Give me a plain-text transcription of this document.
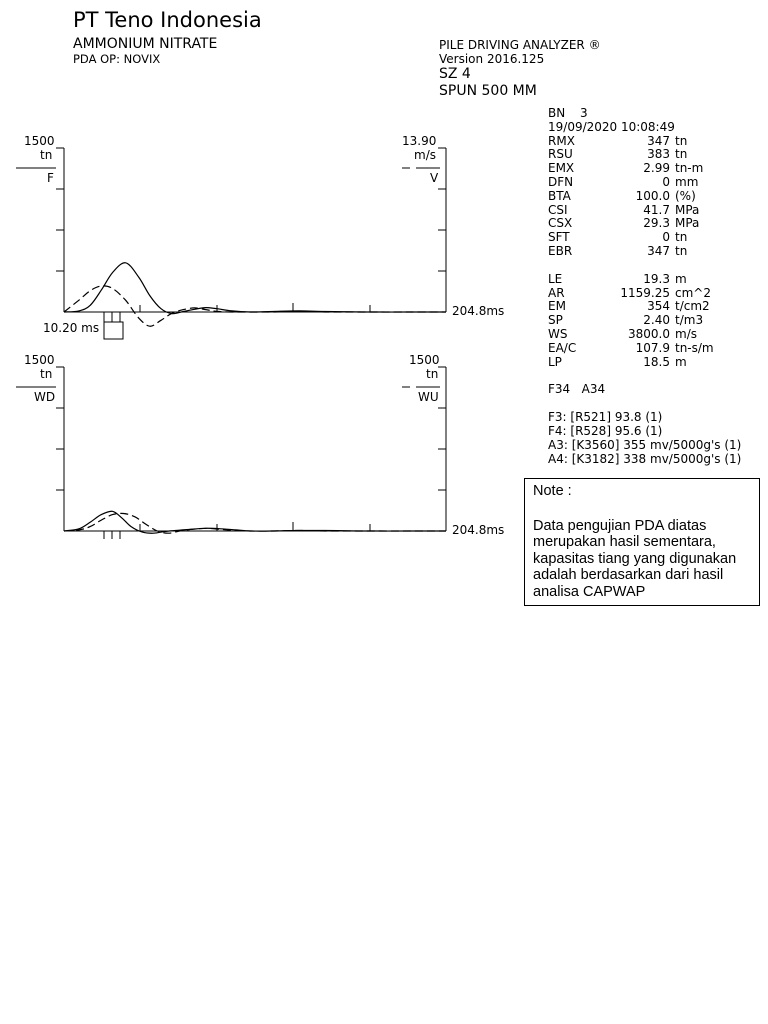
PT Teno Indonesia
AMMONIUM NITRATE
PDA OP: NOVIX
PILE DRIVING ANALYZER ®
Version 2016.125
SZ 4
SPUN 500 MM
1500
tn
F
13.90
m/s
V
204.8ms
10.20 ms
1500
tn
WD
1500
tn
WU
204.8ms
BN	3
19/09/2020 10:08:49
RMX	347 tn
RSU	383 tn
EMX	2.99 tn-m
DFN	0 mm
BTA	100.0 (%)
CSI	41.7 MPa
CSX	29.3 MPa
SFT	0 tn
EBR	347 tn
LE	19.3 m
AR	1159.25 cm^2
EM	354 t/cm2
SP	2.40 t/m3
WS	3800.0 m/s
EA/C	107.9 tn-s/m
LP	18.5 m
F34   A34
F3: [R521] 93.8 (1)
F4: [R528] 95.6 (1)
A3: [K3560] 355 mv/5000g's (1)
A4: [K3182] 338 mv/5000g's (1)
Note :
Data pengujian PDA diatas merupakan hasil sementara, kapasitas tiang yang digunakan adalah berdasarkan dari hasil analisa CAPWAP
